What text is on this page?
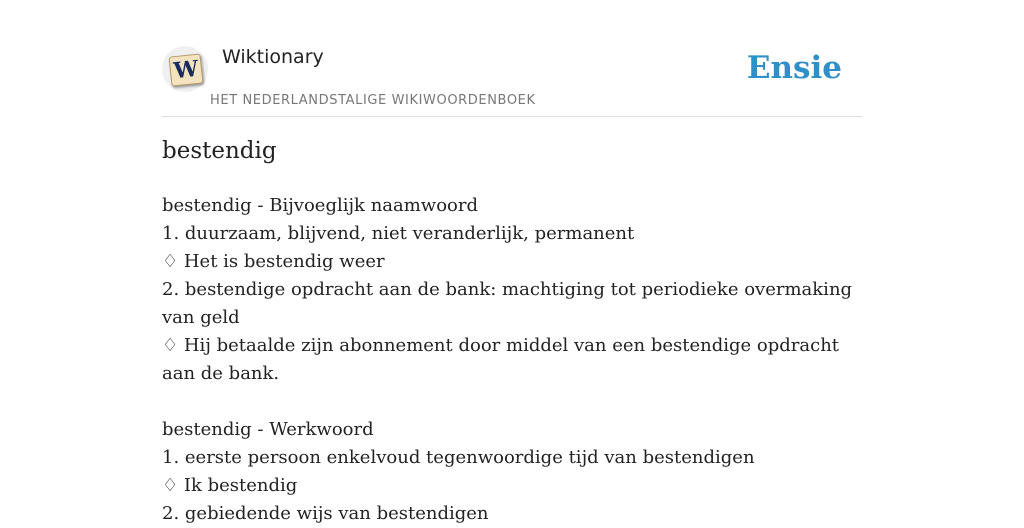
W Wiktionary
HET NEDERLANDSTALIGE WIKIWOORDENBOEK
Ensie
bestendig
bestendig - Bijvoeglijk naamwoord
1. duurzaam, blijvend, niet veranderlijk, permanent
♢ Het is bestendig weer
2. bestendige opdracht aan de bank: machtiging tot periodieke overmaking van geld
♢ Hij betaalde zijn abonnement door middel van een bestendige opdracht aan de bank.
bestendig - Werkwoord
1. eerste persoon enkelvoud tegenwoordige tijd van bestendigen
♢ Ik bestendig
2. gebiedende wijs van bestendigen
